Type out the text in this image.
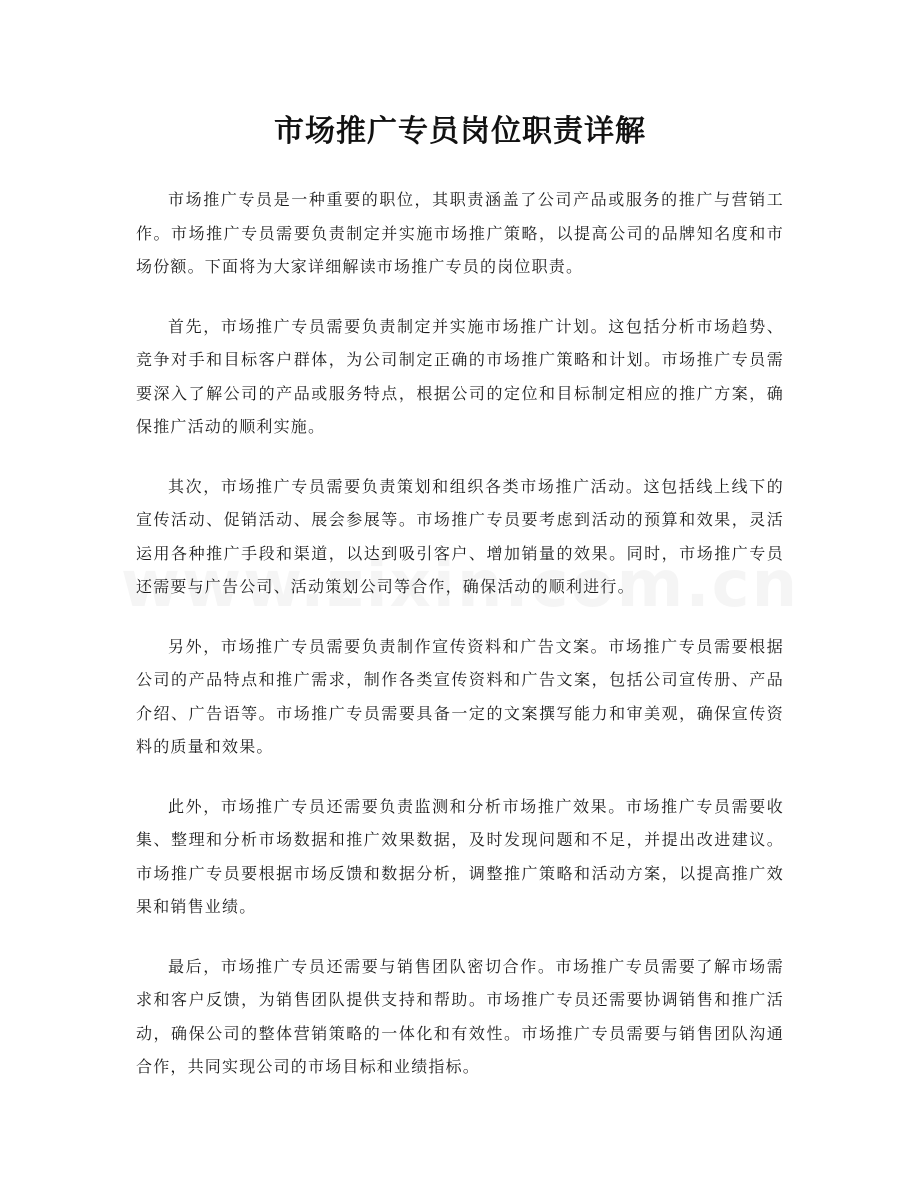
市场推广专员岗位职责详解

市场推广专员是一种重要的职位，其职责涵盖了公司产品或服务的推广与营销工作。市场推广专员需要负责制定并实施市场推广策略，以提高公司的品牌知名度和市场份额。下面将为大家详细解读市场推广专员的岗位职责。

首先，市场推广专员需要负责制定并实施市场推广计划。这包括分析市场趋势、竞争对手和目标客户群体，为公司制定正确的市场推广策略和计划。市场推广专员需要深入了解公司的产品或服务特点，根据公司的定位和目标制定相应的推广方案，确保推广活动的顺利实施。

其次，市场推广专员需要负责策划和组织各类市场推广活动。这包括线上线下的宣传活动、促销活动、展会参展等。市场推广专员要考虑到活动的预算和效果，灵活运用各种推广手段和渠道，以达到吸引客户、增加销量的效果。同时，市场推广专员还需要与广告公司、活动策划公司等合作，确保活动的顺利进行。

另外，市场推广专员需要负责制作宣传资料和广告文案。市场推广专员需要根据公司的产品特点和推广需求，制作各类宣传资料和广告文案，包括公司宣传册、产品介绍、广告语等。市场推广专员需要具备一定的文案撰写能力和审美观，确保宣传资料的质量和效果。

此外，市场推广专员还需要负责监测和分析市场推广效果。市场推广专员需要收集、整理和分析市场数据和推广效果数据，及时发现问题和不足，并提出改进建议。市场推广专员要根据市场反馈和数据分析，调整推广策略和活动方案，以提高推广效果和销售业绩。

最后，市场推广专员还需要与销售团队密切合作。市场推广专员需要了解市场需求和客户反馈，为销售团队提供支持和帮助。市场推广专员还需要协调销售和推广活动，确保公司的整体营销策略的一体化和有效性。市场推广专员需要与销售团队沟通合作，共同实现公司的市场目标和业绩指标。
